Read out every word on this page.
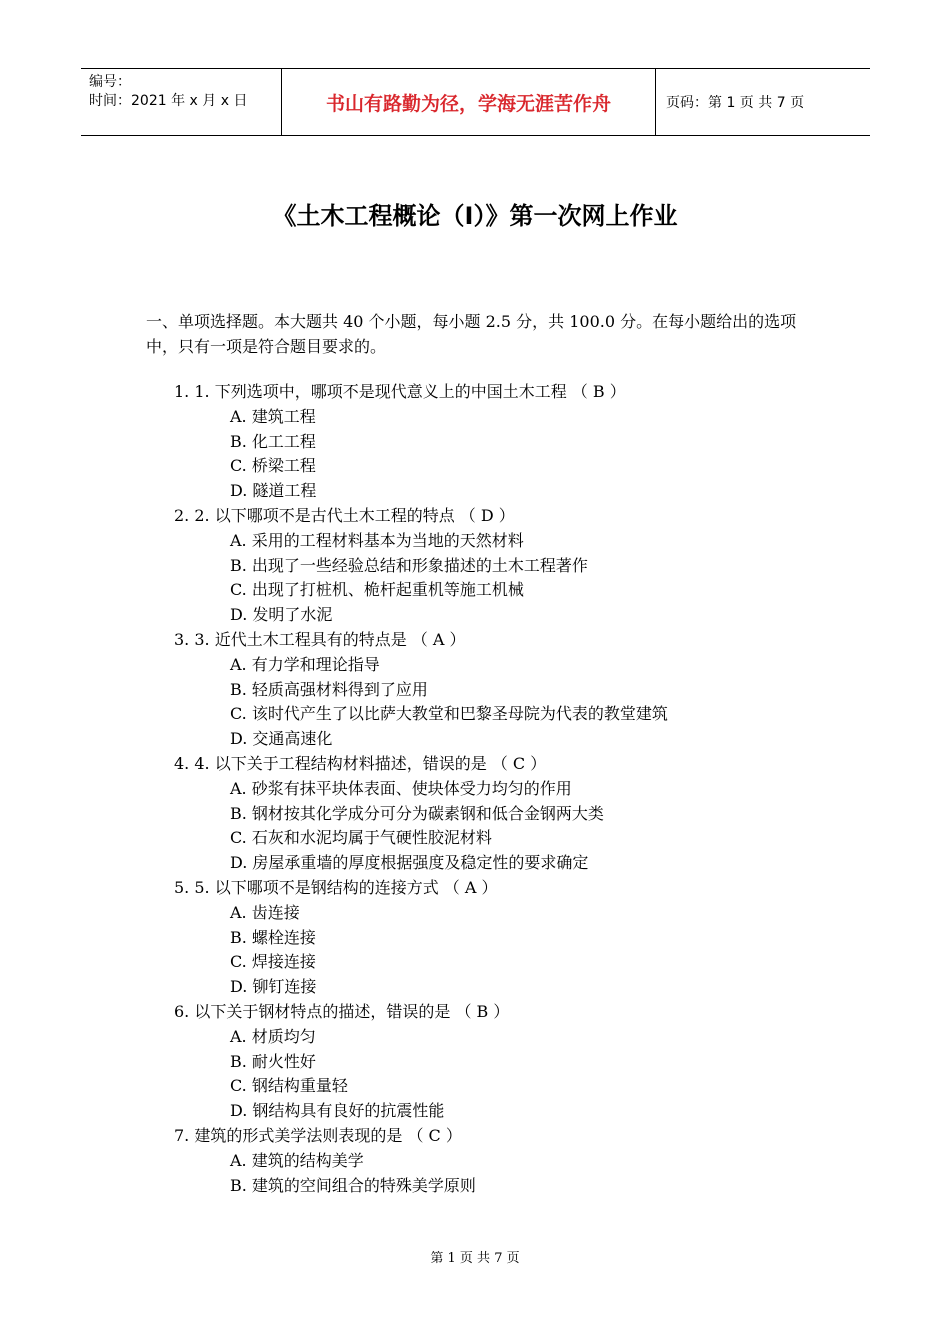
编号：
时间：2021 年 x 月 x 日	书山有路勤为径，学海无涯苦作舟	页码：第 1 页 共 7 页
《土木工程概论（Ⅰ）》第一次网上作业
一、单项选择题。本大题共 40 个小题，每小题 2.5 分，共 100.0 分。在每小题给出的选项中，只有一项是符合题目要求的。
1. 1. 下列选项中，哪项不是现代意义上的中国土木工程 （ B ）
A. 建筑工程
B. 化工工程
C. 桥梁工程
D. 隧道工程
2. 2. 以下哪项不是古代土木工程的特点 （ D ）
A. 采用的工程材料基本为当地的天然材料
B. 出现了一些经验总结和形象描述的土木工程著作
C. 出现了打桩机、桅杆起重机等施工机械
D. 发明了水泥
3. 3. 近代土木工程具有的特点是 （ A ）
A. 有力学和理论指导
B. 轻质高强材料得到了应用
C. 该时代产生了以比萨大教堂和巴黎圣母院为代表的教堂建筑
D. 交通高速化
4. 4. 以下关于工程结构材料描述，错误的是 （ C ）
A. 砂浆有抹平块体表面、使块体受力均匀的作用
B. 钢材按其化学成分可分为碳素钢和低合金钢两大类
C. 石灰和水泥均属于气硬性胶泥材料
D. 房屋承重墙的厚度根据强度及稳定性的要求确定
5. 5. 以下哪项不是钢结构的连接方式 （ A ）
A. 齿连接
B. 螺栓连接
C. 焊接连接
D. 铆钉连接
6. 以下关于钢材特点的描述，错误的是 （ B ）
A. 材质均匀
B. 耐火性好
C. 钢结构重量轻
D. 钢结构具有良好的抗震性能
7. 建筑的形式美学法则表现的是 （ C ）
A. 建筑的结构美学
B. 建筑的空间组合的特殊美学原则
第 1 页 共 7 页
